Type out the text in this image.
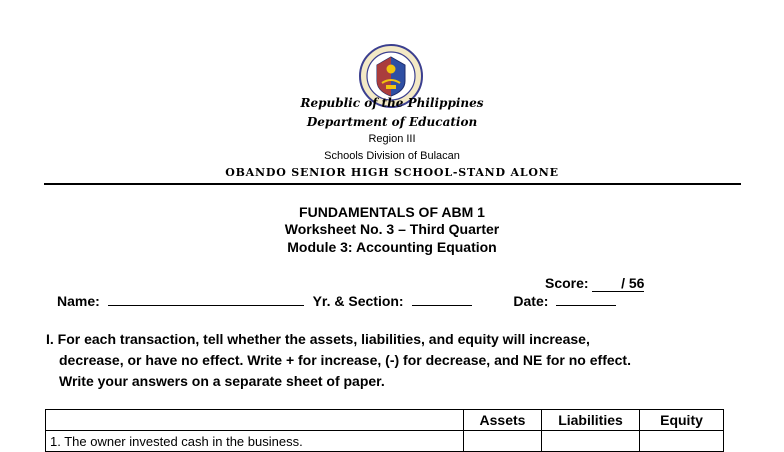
Republic of the Philippines
Department of Education
Region III
Schools Division of Bulacan
OBANDO SENIOR HIGH SCHOOL-STAND ALONE
FUNDAMENTALS OF ABM 1
Worksheet No. 3 – Third Quarter
Module 3: Accounting Equation
Score: / 56
Name:	Yr. & Section:	Date:
I. For each transaction, tell whether the assets, liabilities, and equity will increase,
decrease, or have no effect. Write + for increase, (-) for decrease, and NE for no effect.
Write your answers on a separate sheet of paper.
	Assets	Liabilities	Equity
1. The owner invested cash in the business.			
